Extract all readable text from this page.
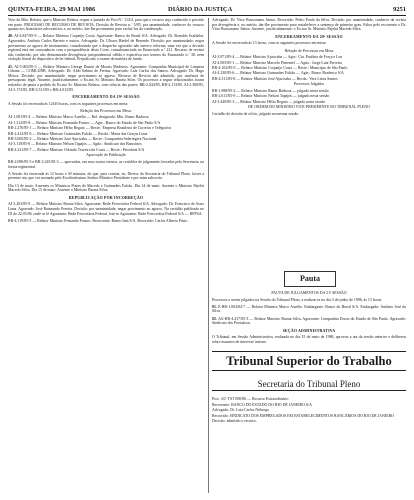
QUINTA-FEIRA, 29 MAI 1986	DIÁRIO DA JUSTIÇA	9251

Voto da Min. Relator, que o Ministro Relator requer a juntada do ProcN.º 114/4, para que o recurso seja conhecido e provido em parte. PROCESSO DE RECURSO DE REVISTA. Decisão de Revista n.º 5/85, por unanimidade, conhecer do recurso quanto aos honorários advocatícios e, no mérito, dar-lhe provimento para excluí-los da condenação.

40. AI-4.847/85-9 — Relator Ministro Coqueijo Costa. Agravante: Banco do Brasil S/A. Advogado: Dr. Ronaldo Scaldelai. Agravados: Antônio Carlos Barreto e outros. Advogado: Dr. Ulisses Riedel de Resende. Decisão: por unanimidade, negar provimento ao agravo de instrumento, considerando que o despacho agravado não merece reforma, uma vez que a decisão regional está em consonância com a jurisprudência desta Corte, consubstanciada no Enunciado n.º 221. Recurso de revista não conhecido, por não demonstrada divergência jurisprudencial válida e específica nos termos do Enunciado n.º 38, nem violação literal de dispositivo de lei federal. Prejudicado o exame da matéria de fundo.

41. AI-5.063/85-3 — Relator Ministro George Duarte de Morais Medeiros. Agravante: Companhia Municipal de Limpeza Urbana — COMLURB. Advogado: Dr. Aldo Sabino de Freitas. Agravado: Luiz Carlos dos Santos. Advogado: Dr. Hugo Mósca. Decisão: por unanimidade, negar provimento ao agravo. Recurso de Revista não admitido, por ausência de pressuposto legal. Ausente, justificadamente, o Ex.mo Sr. Ministro Barata Silva. Os processos a seguir relacionados foram retirados de pauta a pedido do Ex.mo Sr. Ministro Relator, com ciência das partes: RR-2.044/85, RR-2.113/85, AI-2.380/85, AI-3.172/85, RR-3.511/85 e RR-4.012/85.

ENCERRAMENTO DA 19ª SESSÃO

A Sessão foi encerrada às 12h10 horas, com os seguintes processos em mesa:

Relação dos Processos em Mesa:

AI-1.081/85-4 — Relator Ministro Marco Aurélio — Rel. designado: Min. Ranor Barbosa

AI-1.212/85-8 — Relator Ministro Fernando Franco — Agte.: Banco do Estado de São Paulo S/A

RR-2.270/85-1 — Relator Ministro Hélio Regato — Recte.: Empresa Brasileira de Correios e Telégrafos

RR-2.412/85-6 — Relator Ministro Guimarães Falcão — Recda.: Maria das Graças Lima

RR-3.005/85-2 — Relator Ministro José Ajuricaba — Recte.: Companhia Siderúrgica Nacional

AI-3.118/85-0 — Relator Ministro Nelson Tapajós — Agdo.: Sindicato dos Bancários

RR-4.221/85-7 — Relator Ministro Orlando Teixeira da Costa — Recte.: Petrobrás S/A

Aprovação de Publicação

RR-2.080/85-5 e RR-2.245/85-3 — aprovadas, em seus exatos termos, as certidões de julgamento lavradas pela Secretaria, na forma regimental.

A Sessão foi encerrada às 12 horas e 30 minutos, do que, para constar, eu, Diretor da Secretaria do Tribunal Pleno, lavrei a presente ata, que vai assinada pelo Excelentíssimo Senhor Ministro Presidente e por mim subscrita.

Dia 13 de maio: Ausentes os Ministros Prates de Macedo e Guimarães Falcão. Dia 14 de maio: Ausente o Ministro Pajehú Macedo Silva. Dia 15 de maio: Ausente o Ministro Barata Silva.

REPUBLICAÇÃO POR INCORREÇÃO

AI-3.203/85-9 — Relator Ministro Barata Silva. Agravante: Rede Ferroviária Federal S/A. Advogado: Dr. Francisco de Assis Lima. Agravado: José Raimundo Pereira. Decisão: por unanimidade, negar provimento ao agravo. Na certidão publicada no DJ de 22.05.86, onde se lê Agravante: Rede Ferroviária Federal, leia-se Agravante: Rede Ferroviária Federal S/A — RFFSA.

RR-4.119/85-5 — Relator Ministro Fernando Franco. Recorrente: Banco Itaú S/A. Recorrido: Carlos Alberto Pinto.

Advogado: Dr. Vitor Russomano Júnior. Recorrido: Pedro Paulo da Silva. Decisão: por unanimidade, conhecer da revista por divergência e, no mérito, dar-lhe provimento para restabelecer a sentença de primeiro grau. Falou pelo recorrente o Dr. Vitor Russomano Júnior. Ausente, justificadamente, o Ex.mo Sr. Ministro Pajehú Macedo Silva.

ENCERRAMENTO DA 20ª SESSÃO

A Sessão foi encerrada às 13 horas, com os seguintes processos em mesa:

Relação de Processos em Mesa

AI-3.871/85-4 — Relator Ministro Ajuricaba — Agte.: Cia. Paulista de Força e Luz

AI-4.005/85-1 — Relator Ministro Marcelo Pimentel — Agdo.: Jorge Luiz Ferreira

RR-4.102/85-0 — Relator Ministro Coqueijo Costa — Recte.: Município de São Paulo

AI-4.230/85-6 — Relator Ministro Guimarães Falcão — Agte.: Banco Bradesco S/A

RR-4.311/85-8 — Relator Ministro José Ajuricaba — Recda.: Vera Lúcia Santos

Processos Julgados

RR-1.988/85-2 — Relator Ministro Ranor Barbosa — julgado nesta sessão

RR-2.611/85-0 — Relator Ministro Nelson Tapajós — julgado nesta sessão

AI-3.440/85-3 — Relator Ministro Hélio Regato — julgado nesta sessão

DE ORDEM DO MINISTRO VICE-PRESIDENTE DO TRIBUNAL PLENO

Certidão de decisão de ofício, julgada na mesma sessão.

PAUTA DE JULGAMENTOS DA 21ª SESSÃO

Processos a serem julgados na Sessão do Tribunal Pleno, a realizar-se no dia 5 de junho de 1986, às 13 horas:

01. E-RR-1.004/84-7 — Relator Ministro Marco Aurélio. Embargante: Banco do Brasil S/A. Embargado: Antônio José da Silva.

02. AG-RR-4.417/85-3 — Relator Ministro Barata Silva. Agravante: Companhia Docas do Estado de São Paulo. Agravado: Sindicato dos Portuários.

SEÇÃO ADMINISTRATIVA

O Tribunal, em Sessão Administrativa, realizada no dia 15 de maio de 1986, aprovou a ata da sessão anterior e deliberou sobre assuntos de interesse interno.

Pauta
Tribunal Superior do Trabalho
Secretaria do Tribunal Pleno

Proc. AC-TST 000/86 — Recurso Extraordinário

Recorrente: BANCO DO ESTADO DO RIO DE JANEIRO S/A

Advogado: Dr. Luiz Carlos Nóbrega

Recorrido: SINDICATO DOS EMPREGADOS EM ESTABELECIMENTOS BANCÁRIOS DO RIO DE JANEIRO

Decisão: admitido o recurso.
